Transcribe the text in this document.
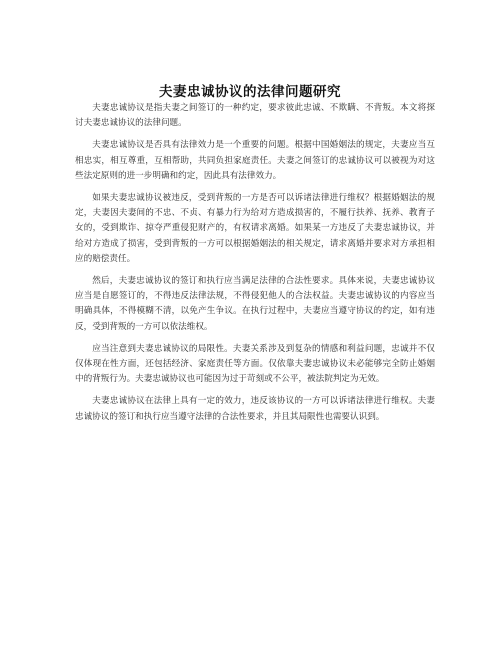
夫妻忠诚协议的法律问题研究

夫妻忠诚协议是指夫妻之间签订的一种约定，要求彼此忠诚、不欺瞒、不背叛。本文将探讨夫妻忠诚协议的法律问题。

夫妻忠诚协议是否具有法律效力是一个重要的问题。根据中国婚姻法的规定，夫妻应当互相忠实，相互尊重，互相帮助，共同负担家庭责任。夫妻之间签订的忠诚协议可以被视为对这些法定原则的进一步明确和约定，因此具有法律效力。

如果夫妻忠诚协议被违反，受到背叛的一方是否可以诉诸法律进行维权？根据婚姻法的规定，夫妻因夫妻间的不忠、不贞、有暴力行为给对方造成损害的，不履行扶养、抚养、教育子女的，受到欺诈、掠夺严重侵犯财产的，有权请求离婚。如果某一方违反了夫妻忠诚协议，并给对方造成了损害，受到背叛的一方可以根据婚姻法的相关规定，请求离婚并要求对方承担相应的赔偿责任。

然后，夫妻忠诚协议的签订和执行应当满足法律的合法性要求。具体来说，夫妻忠诚协议应当是自愿签订的，不得违反法律法规，不得侵犯他人的合法权益。夫妻忠诚协议的内容应当明确具体，不得模糊不清，以免产生争议。在执行过程中，夫妻应当遵守协议的约定，如有违反，受到背叛的一方可以依法维权。

应当注意到夫妻忠诚协议的局限性。夫妻关系涉及到复杂的情感和利益问题，忠诚并不仅仅体现在性方面，还包括经济、家庭责任等方面。仅依靠夫妻忠诚协议未必能够完全防止婚姻中的背叛行为。夫妻忠诚协议也可能因为过于苛刻或不公平，被法院判定为无效。

夫妻忠诚协议在法律上具有一定的效力，违反该协议的一方可以诉诸法律进行维权。夫妻忠诚协议的签订和执行应当遵守法律的合法性要求，并且其局限性也需要认识到。
